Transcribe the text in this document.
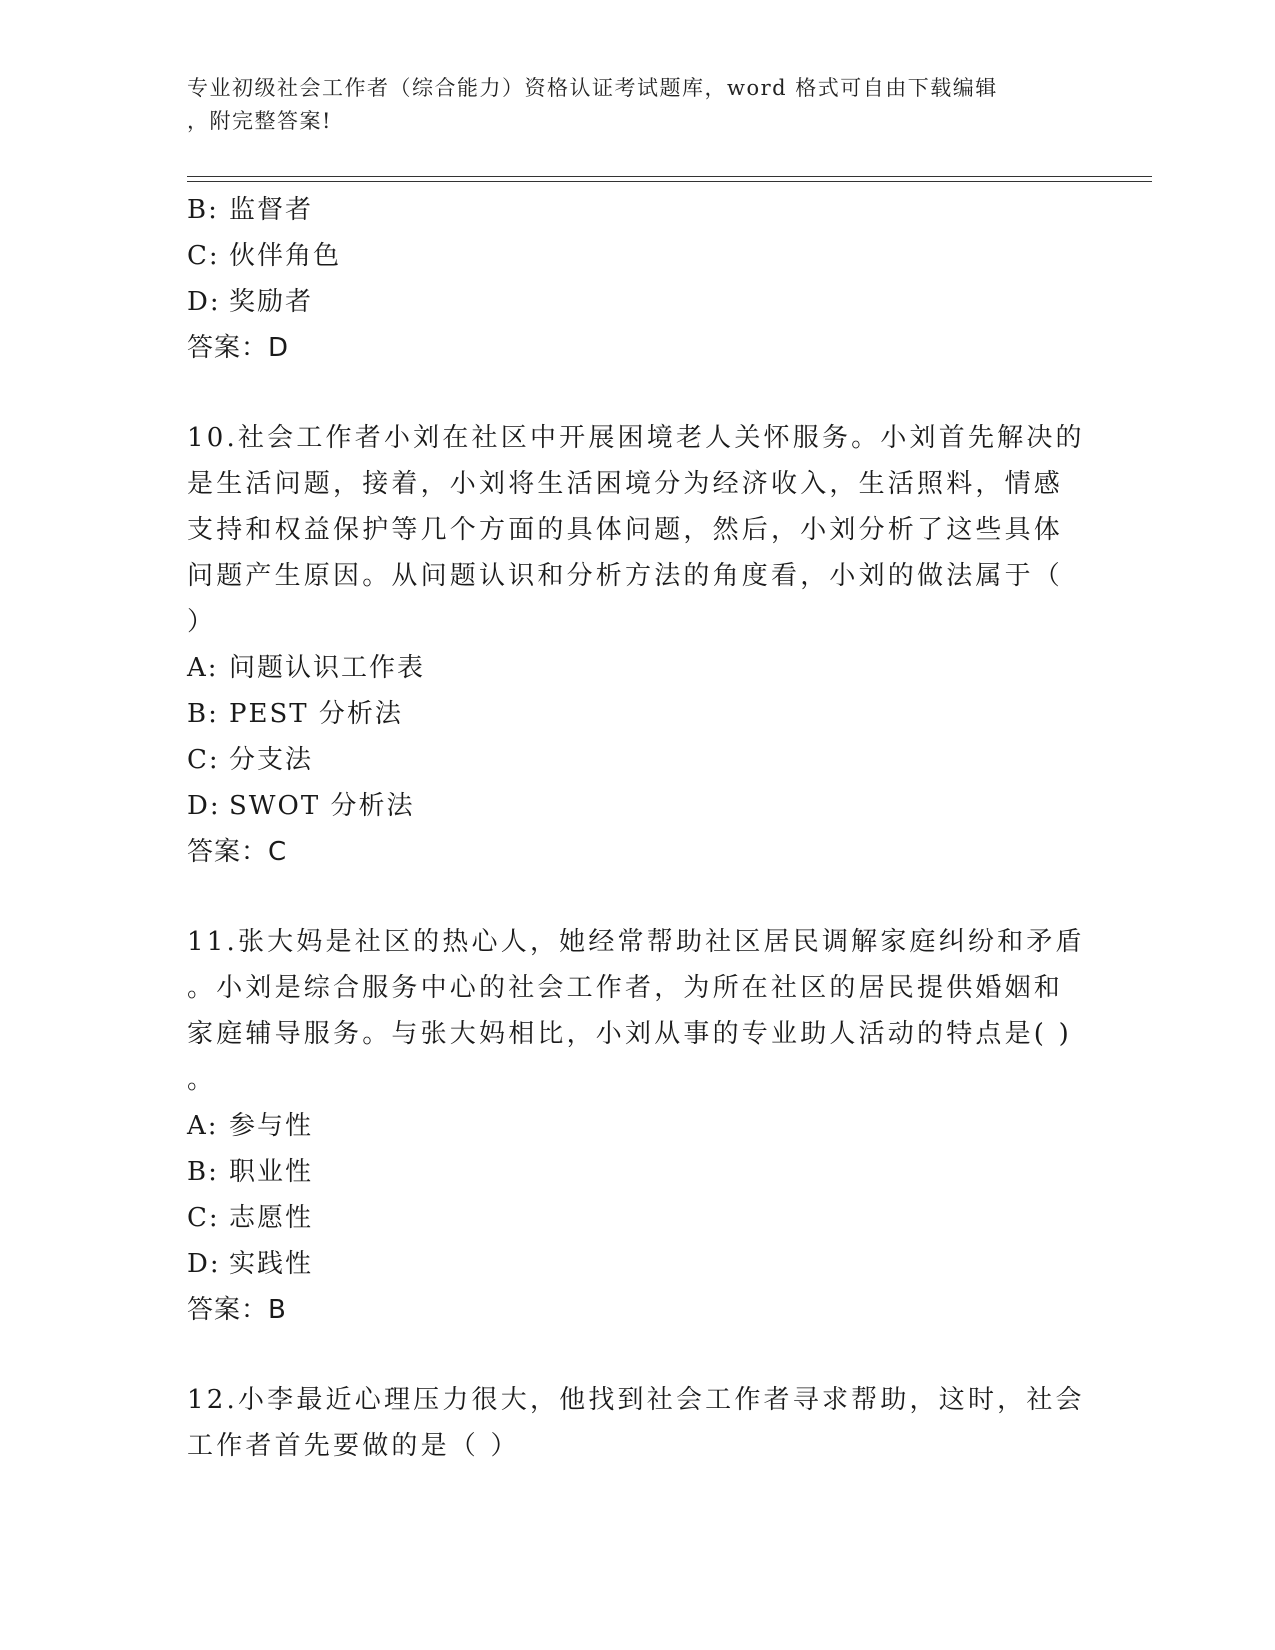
专业初级社会工作者（综合能力）资格认证考试题库，word 格式可自由下载编辑
，附完整答案!
B: 监督者
C: 伙伴角色
D: 奖励者
答案：D
10.社会工作者小刘在社区中开展困境老人关怀服务。小刘首先解决的
是生活问题，接着，小刘将生活困境分为经济收入，生活照料，情感
支持和权益保护等几个方面的具体问题，然后，小刘分析了这些具体
问题产生原因。从问题认识和分析方法的角度看，小刘的做法属于（
）
A: 问题认识工作表
B: PEST 分析法
C: 分支法
D: SWOT 分析法
答案：C
11.张大妈是社区的热心人，她经常帮助社区居民调解家庭纠纷和矛盾
。小刘是综合服务中心的社会工作者，为所在社区的居民提供婚姻和
家庭辅导服务。与张大妈相比，小刘从事的专业助人活动的特点是( )
。
A: 参与性
B: 职业性
C: 志愿性
D: 实践性
答案：B
12.小李最近心理压力很大，他找到社会工作者寻求帮助，这时，社会
工作者首先要做的是（ ）
